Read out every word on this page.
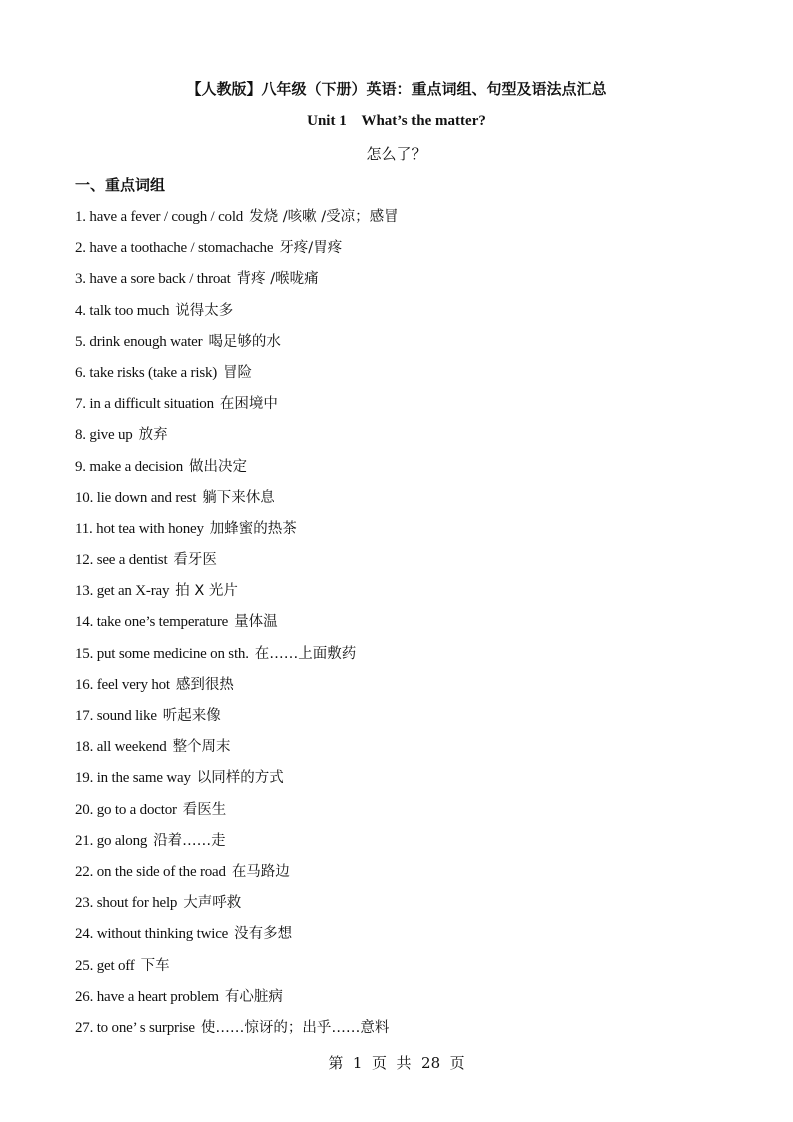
【人教版】八年级（下册）英语：重点词组、句型及语法点汇总
Unit 1    What’s the matter?
怎么了？
一、重点词组
1. have a fever / cough / cold 发烧 /咳嗽 /受凉；感冒
2. have a toothache / stomachache 牙疼/胃疼
3. have a sore back / throat 背疼 /喉咙痛
4. talk too much 说得太多
5. drink enough water 喝足够的水
6. take risks (take a risk) 冒险
7. in a difficult situation 在困境中
8. give up 放弃
9. make a decision 做出决定
10. lie down and rest 躺下来休息
11. hot tea with honey 加蜂蜜的热茶
12. see a dentist 看牙医
13. get an X-ray 拍 X 光片
14. take one’s temperature 量体温
15. put some medicine on sth. 在……上面敷药
16. feel very hot 感到很热
17. sound like 听起来像
18. all weekend 整个周末
19. in the same way 以同样的方式
20. go to a doctor 看医生
21. go along 沿着……走
22. on the side of the road 在马路边
23. shout for help 大声呼救
24. without thinking twice 没有多想
25. get off 下车
26. have a heart problem 有心脏病
27. to one’ s surprise 使……惊讶的；出乎……意料
第  1  页  共  28  页
